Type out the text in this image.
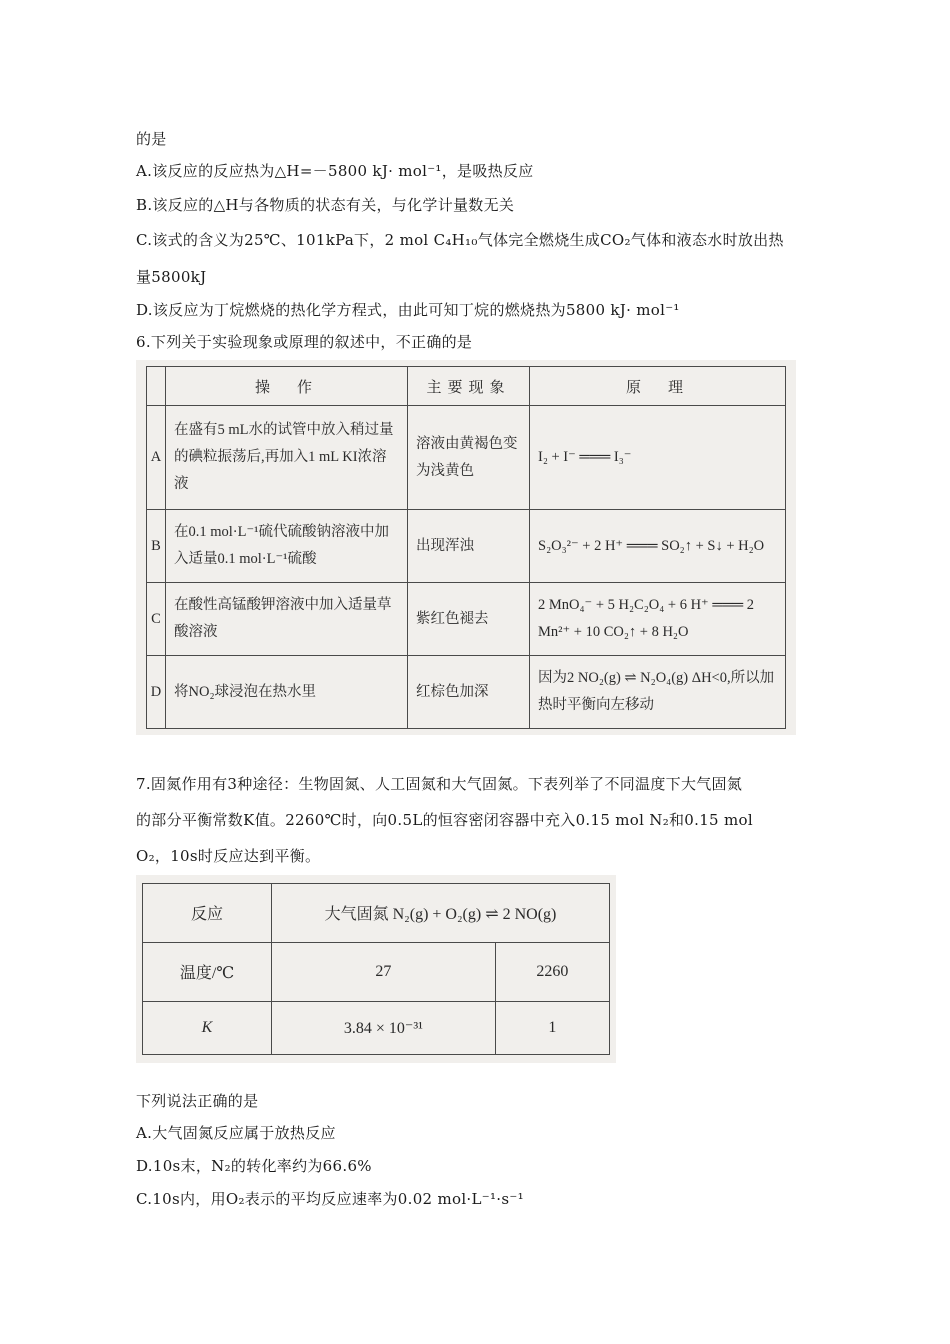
的是
A.该反应的反应热为△H=－5800 kJ· mol⁻¹，是吸热反应
B.该反应的△H与各物质的状态有关，与化学计量数无关
C.该式的含义为25℃、101kPa下，2 mol C₄H₁₀气体完全燃烧生成CO₂气体和液态水时放出热
量5800kJ
D.该反应为丁烷燃烧的热化学方程式，由此可知丁烷的燃烧热为5800 kJ· mol⁻¹
6.下列关于实验现象或原理的叙述中，不正确的是
	操　作	主要现象	原　理
A	在盛有5 mL水的试管中放入稍过量的碘粒振荡后,再加入1 mL KI浓溶液	溶液由黄褐色变为浅黄色	I₂ + I⁻ ═══ I₃⁻
B	在0.1 mol·L⁻¹硫代硫酸钠溶液中加入适量0.1 mol·L⁻¹硫酸	出现浑浊	S₂O₃²⁻ + 2 H⁺ ═══ SO₂↑ + S↓ + H₂O
C	在酸性高锰酸钾溶液中加入适量草酸溶液	紫红色褪去	2 MnO₄⁻ + 5 H₂C₂O₄ + 6 H⁺ ═══ 2 Mn²⁺ + 10 CO₂↑ + 8 H₂O
D	将NO₂球浸泡在热水里	红棕色加深	因为2 NO₂(g) ⇌ N₂O₄(g) ΔH<0,所以加热时平衡向左移动
7.固氮作用有3种途径：生物固氮、人工固氮和大气固氮。下表列举了不同温度下大气固氮
的部分平衡常数K值。2260℃时，向0.5L的恒容密闭容器中充入0.15 mol N₂和0.15 mol
O₂，10s时反应达到平衡。
反应	大气固氮 N₂(g) + O₂(g) ⇌ 2 NO(g)	
温度/℃	27	2260
K	3.84 × 10⁻³¹	1
下列说法正确的是
A.大气固氮反应属于放热反应
D.10s末，N₂的转化率约为66.6%
C.10s内，用O₂表示的平均反应速率为0.02 mol·L⁻¹·s⁻¹
